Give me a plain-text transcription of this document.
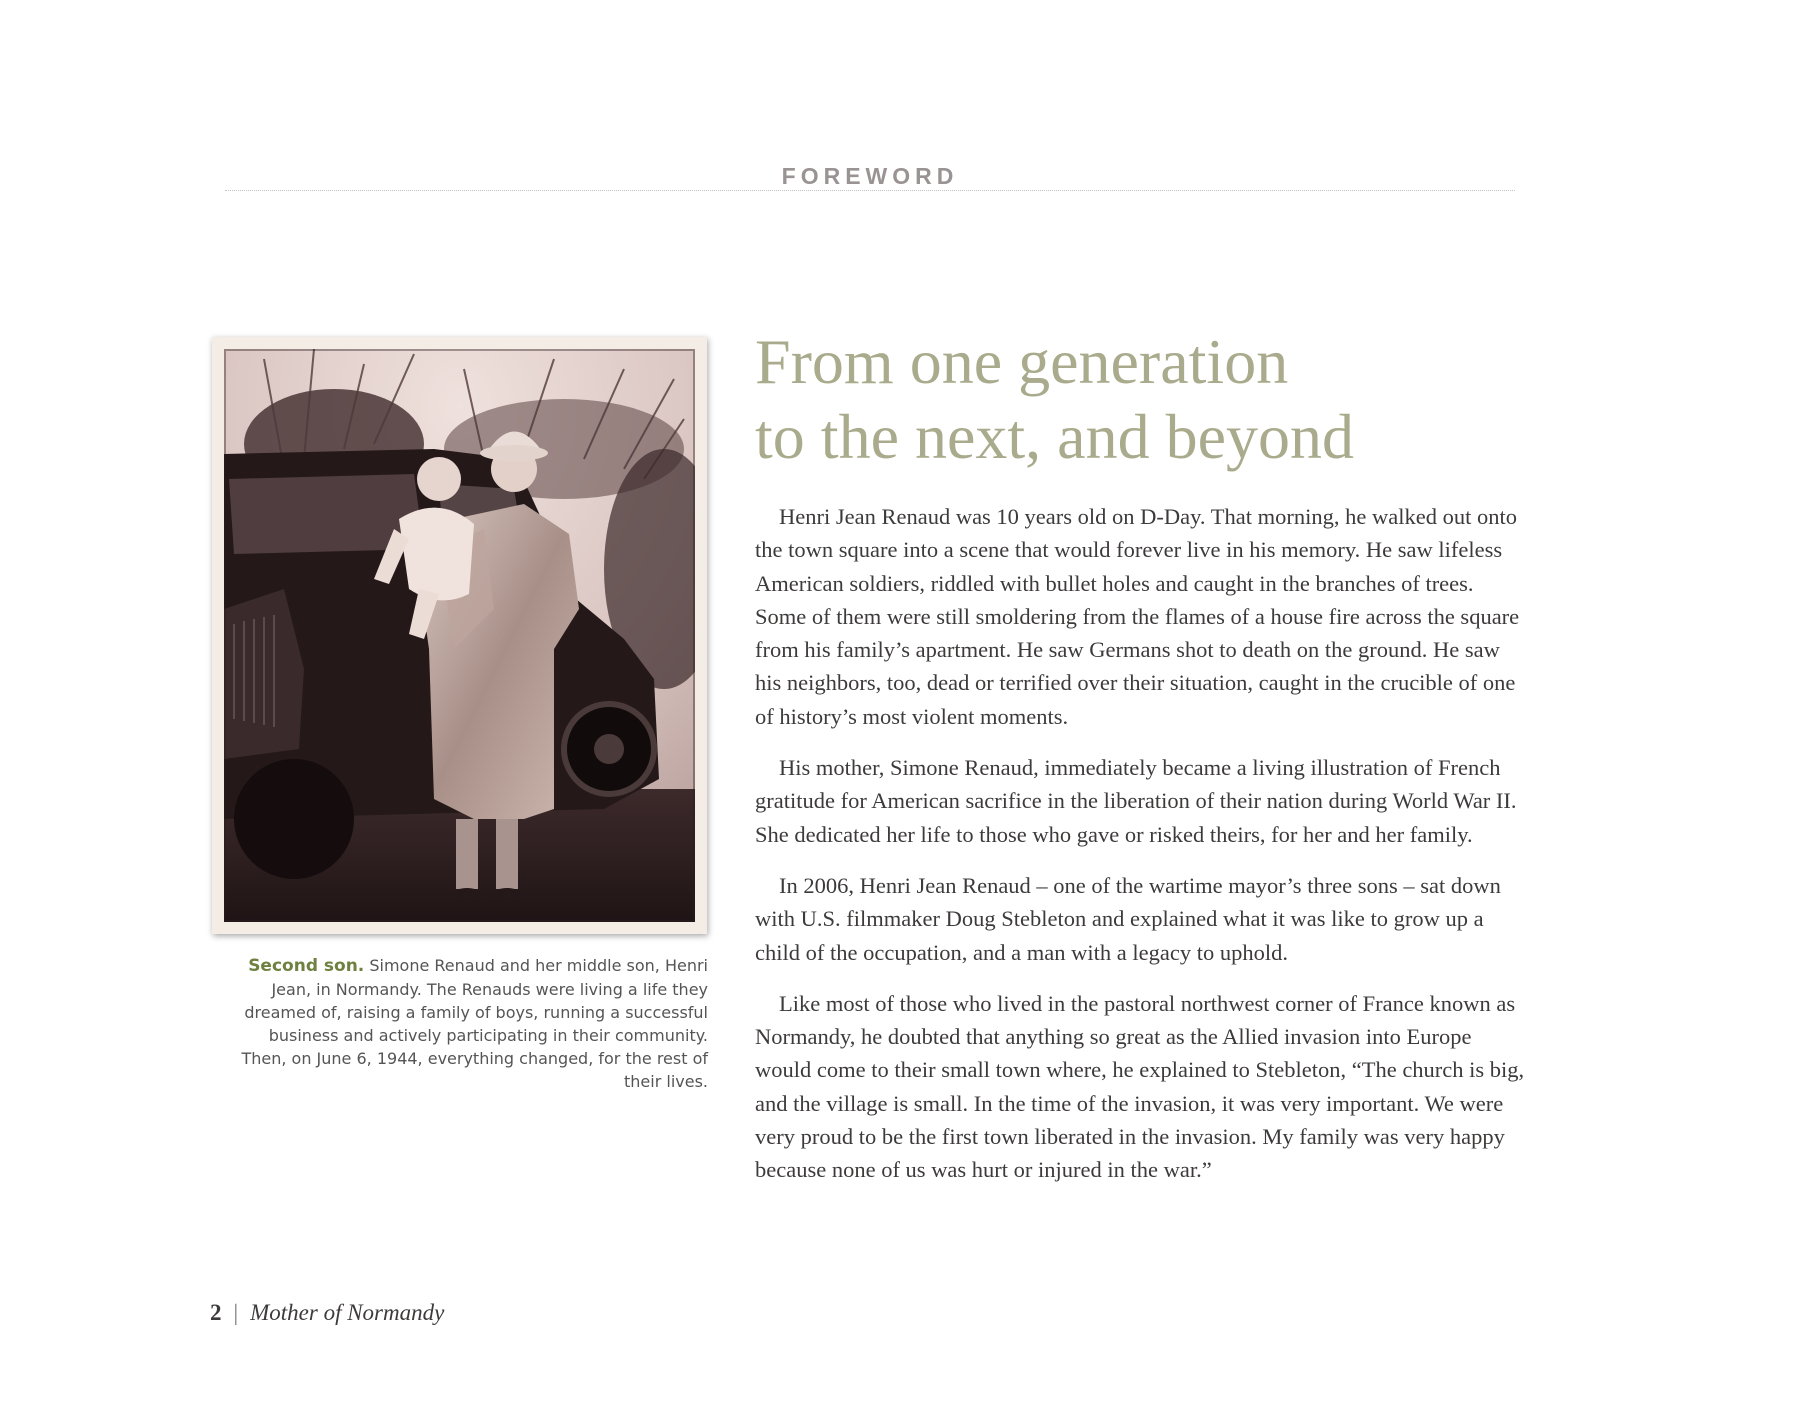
FOREWORD
Second son. Simone Renaud and her middle son, Henri Jean, in Normandy. The Renauds were living a life they dreamed of, raising a family of boys, running a successful business and actively participating in their community. Then, on June 6, 1944, everything changed, for the rest of their lives.
From one generation
to the next, and beyond

Henri Jean Renaud was 10 years old on D-Day. That morning, he walked out onto the town square into a scene that would forever live in his memory. He saw lifeless American soldiers, riddled with bullet holes and caught in the branches of trees. Some of them were still smoldering from the flames of a house fire across the square from his family’s apartment. He saw Germans shot to death on the ground. He saw his neighbors, too, dead or terrified over their situation, caught in the crucible of one of history’s most violent moments.

His mother, Simone Renaud, immediately became a living illustration of French gratitude for American sacrifice in the liberation of their nation during World War II. She dedicated her life to those who gave or risked theirs, for her and her family.

In 2006, Henri Jean Renaud – one of the wartime mayor’s three sons – sat down with U.S. filmmaker Doug Stebleton and explained what it was like to grow up a child of the occupation, and a man with a legacy to uphold.

Like most of those who lived in the pastoral northwest corner of France known as Normandy, he doubted that anything so great as the Allied invasion into Europe would come to their small town where, he explained to Stebleton, “The church is big, and the village is small. In the time of the invasion, it was very important. We were very proud to be the first town liberated in the invasion. My family was very happy because none of us was hurt or injured in the war.”

2 | Mother of Normandy
